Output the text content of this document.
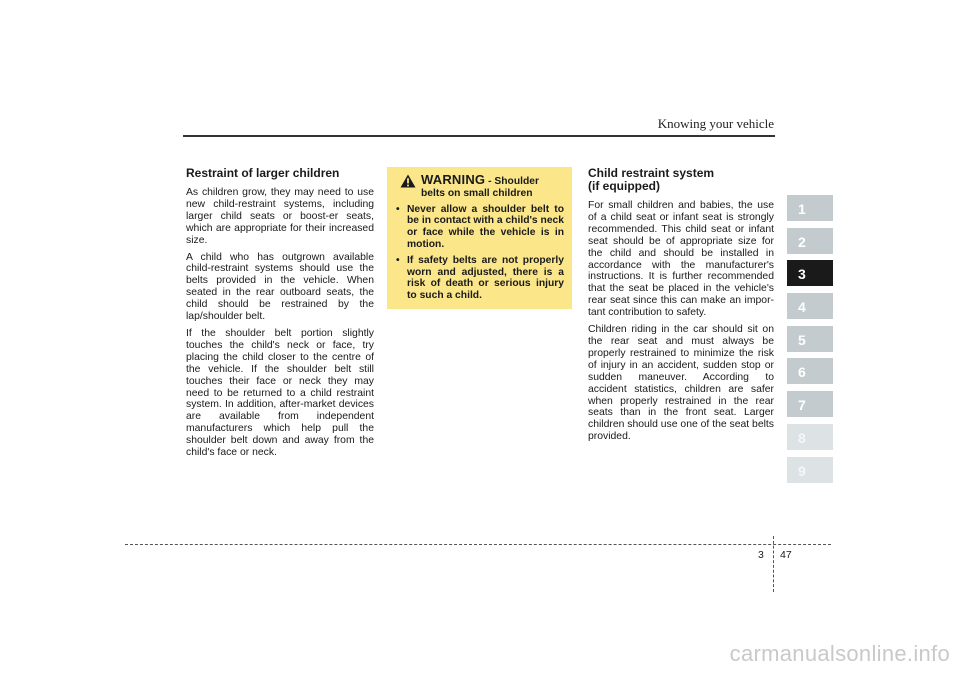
Knowing your vehicle
Restraint of larger children

As children grow, they may need to use new child-restraint systems, including larger child seats or boost-er seats, which are appropriate for their increased size.

A child who has outgrown available child-restraint systems should use the belts provided in the vehicle. When seated in the rear outboard seats, the child should be restrained by the lap/shoulder belt.

If the shoulder belt portion slightly touches the child's neck or face, try placing the child closer to the centre of the vehicle. If the shoulder belt still touches their face or neck they may need to be returned to a child restraint system. In addition, after-market devices are available from independent manufacturers which help pull the shoulder belt down and away from the child's face or neck.

WARNING - Shoulder belts on small children
• Never allow a shoulder belt to be in contact with a child's neck or face while the vehicle is in motion.
• If safety belts are not properly worn and adjusted, there is a risk of death or serious injury to such a child.
Child restraint system
(if equipped)

For small children and babies, the use of a child seat or infant seat is strongly recommended. This child seat or infant seat should be of appropriate size for the child and should be installed in accordance with the manufacturer's instructions. It is further recommended that the seat be placed in the vehicle's rear seat since this can make an impor-tant contribution to safety.

Children riding in the car should sit on the rear seat and must always be properly restrained to minimize the risk of injury in an accident, sudden stop or sudden maneuver. According to accident statistics, children are safer when properly restrained in the rear seats than in the front seat. Larger children should use one of the seat belts provided.

1
2
3
4
5
6
7
8
9
3 47
carmanualsonline.info
